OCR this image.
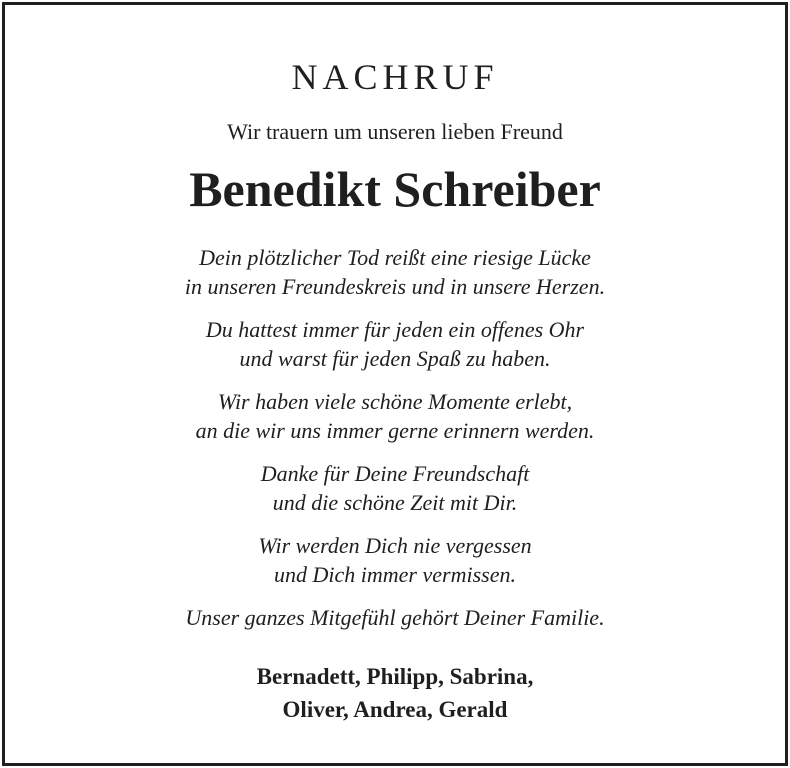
NACHRUF
Wir trauern um unseren lieben Freund
Benedikt Schreiber

Dein plötzlicher Tod reißt eine riesige Lücke
in unseren Freundeskreis und in unsere Herzen.

Du hattest immer für jeden ein offenes Ohr
und warst für jeden Spaß zu haben.

Wir haben viele schöne Momente erlebt,
an die wir uns immer gerne erinnern werden.

Danke für Deine Freundschaft
und die schöne Zeit mit Dir.

Wir werden Dich nie vergessen
und Dich immer vermissen.

Unser ganzes Mitgefühl gehört Deiner Familie.

Bernadett, Philipp, Sabrina,
Oliver, Andrea, Gerald
